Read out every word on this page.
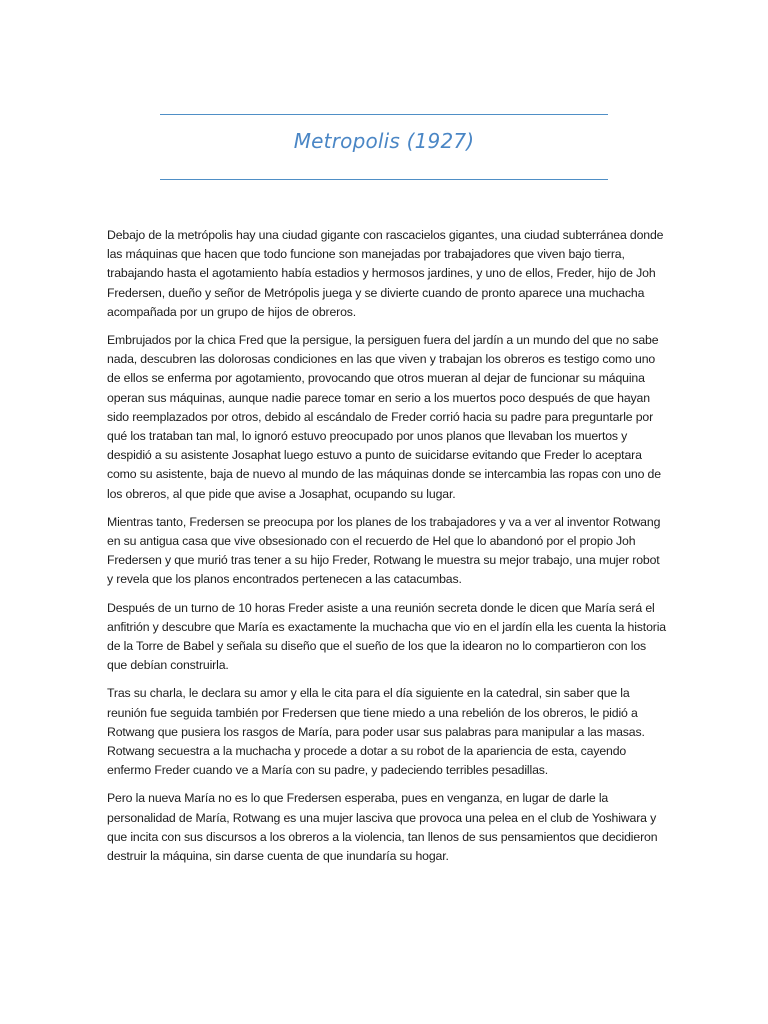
Metropolis (1927)

Debajo de la metrópolis hay una ciudad gigante con rascacielos gigantes, una ciudad subterránea donde las máquinas que hacen que todo funcione son manejadas por trabajadores que viven bajo tierra, trabajando hasta el agotamiento había estadios y hermosos jardines, y uno de ellos, Freder, hijo de Joh Fredersen, dueño y señor de Metrópolis juega y se divierte cuando de pronto aparece una muchacha acompañada por un grupo de hijos de obreros.

Embrujados por la chica Fred que la persigue, la persiguen fuera del jardín a un mundo del que no sabe nada, descubren las dolorosas condiciones en las que viven y trabajan los obreros es testigo como uno de ellos se enferma por agotamiento, provocando que otros mueran al dejar de funcionar su máquina operan sus máquinas, aunque nadie parece tomar en serio a los muertos poco después de que hayan sido reemplazados por otros, debido al escándalo de Freder corrió hacia su padre para preguntarle por qué los trataban tan mal, lo ignoró estuvo preocupado por unos planos que llevaban los muertos y despidió a su asistente Josaphat luego estuvo a punto de suicidarse evitando que Freder lo aceptara como su asistente, baja de nuevo al mundo de las máquinas donde se intercambia las ropas con uno de los obreros, al que pide que avise a Josaphat, ocupando su lugar.

Mientras tanto, Fredersen se preocupa por los planes de los trabajadores y va a ver al inventor Rotwang en su antigua casa que vive obsesionado con el recuerdo de Hel que lo abandonó por el propio Joh Fredersen y que murió tras tener a su hijo Freder, Rotwang le muestra su mejor trabajo, una mujer robot y revela que los planos encontrados pertenecen a las catacumbas.

Después de un turno de 10 horas Freder asiste a una reunión secreta donde le dicen que María será el anfitrión y descubre que María es exactamente la muchacha que vio en el jardín ella les cuenta la historia de la Torre de Babel y señala su diseño que el sueño de los que la idearon no lo compartieron con los que debían construirla.

Tras su charla, le declara su amor y ella le cita para el día siguiente en la catedral, sin saber que la reunión fue seguida también por Fredersen que tiene miedo a una rebelión de los obreros, le pidió a Rotwang que pusiera los rasgos de María, para poder usar sus palabras para manipular a las masas. Rotwang secuestra a la muchacha y procede a dotar a su robot de la apariencia de esta, cayendo enfermo Freder cuando ve a María con su padre, y padeciendo terribles pesadillas.

Pero la nueva María no es lo que Fredersen esperaba, pues en venganza, en lugar de darle la personalidad de María, Rotwang es una mujer lasciva que provoca una pelea en el club de Yoshiwara y que incita con sus discursos a los obreros a la violencia, tan llenos de sus pensamientos que decidieron destruir la máquina, sin darse cuenta de que inundaría su hogar.
